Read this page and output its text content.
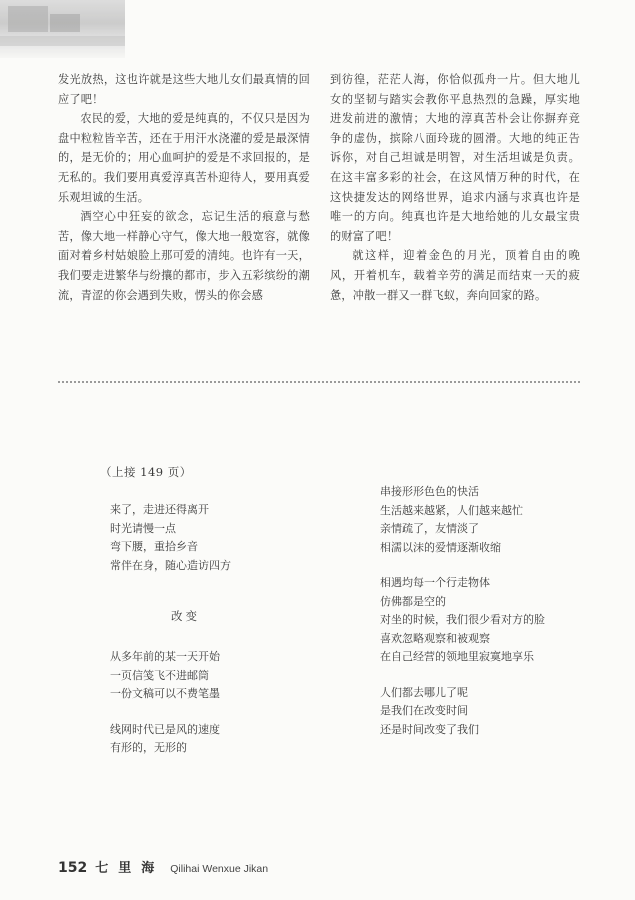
发光放热，这也许就是这些大地儿女们最真情的回应了吧！

农民的爱，大地的爱是纯真的，不仅只是因为盘中粒粒皆辛苦，还在于用汗水浇灌的爱是最深情的，是无价的；用心血呵护的爱是不求回报的，是无私的。我们要用真爱淳真苦朴迎待人，要用真爱乐观坦诚的生活。

酒空心中狂妄的欲念，忘记生活的痕意与愁苦，像大地一样静心守气，像大地一般宽容，就像面对着乡村姑娘脸上那可爱的清纯。也许有一天，我们要走进繁华与纷攘的都市，步入五彩缤纷的潮流，青涩的你会遇到失败，愣头的你会感

到彷徨，茫茫人海，你恰似孤舟一片。但大地儿女的坚韧与踏实会教你平息热烈的急躁，厚实地进发前进的激情；大地的淳真苦朴会让你摒弃竞争的虚伪，摈除八面玲珑的圆滑。大地的纯正告诉你，对自己坦诚是明智，对生活坦诚是负责。在这丰富多彩的社会，在这风情万种的时代，在这快捷发达的网络世界，追求内涵与求真也许是唯一的方向。纯真也许是大地给她的儿女最宝贵的财富了吧！

就这样，迎着金色的月光，顶着自由的晚风，开着机车，载着辛劳的满足而结束一天的疲惫，冲散一群又一群飞蚁，奔向回家的路。

（上接 149 页）
来了，走进还得离开
时光请慢一点
弯下腰，重拾乡音
常伴在身，随心造访四方
从多年前的某一天开始
一页信笺飞不进邮筒
一份文稿可以不费笔墨
线网时代已是风的速度
有形的，无形的
改变
串接形形色色的快活
生活越来越紧，人们越来越忙
亲情疏了，友情淡了
相濡以沫的爱情逐渐收缩
相遇均每一个行走物体
仿佛都是空的
对坐的时候，我们很少看对方的脸
喜欢忽略观察和被观察
在自己经营的领地里寂寞地享乐
人们都去哪儿了呢
是我们在改变时间
还是时间改变了我们
152 七里海 Qilihai Wenxue Jikan
